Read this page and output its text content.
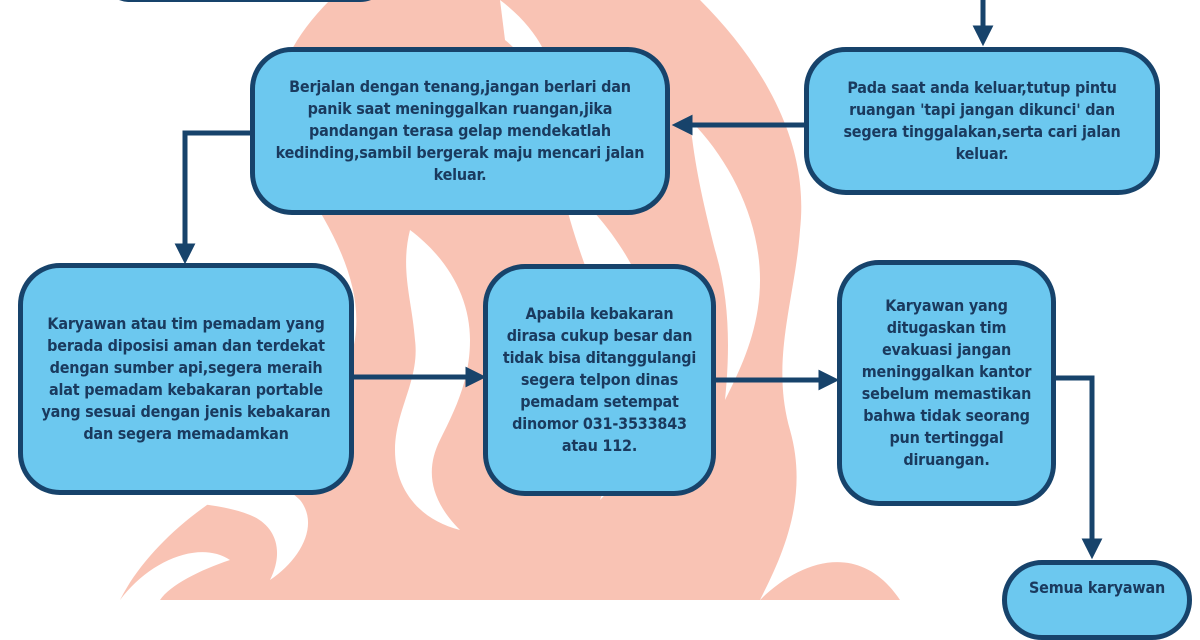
Pada saat anda keluar,tutup pintu ruangan 'tapi jangan dikunci' dan segera tinggalakan,serta cari jalan keluar.
Berjalan dengan tenang,jangan berlari dan panik saat meninggalkan ruangan,jika pandangan terasa gelap mendekatlah kedinding,sambil bergerak maju mencari jalan keluar.
Karyawan atau tim pemadam yang berada diposisi aman dan terdekat dengan sumber api,segera meraih alat pemadam kebakaran portable yang sesuai dengan jenis kebakaran dan segera memadamkan
Apabila kebakaran dirasa cukup besar dan tidak bisa ditanggulangi segera telpon dinas pemadam setempat dinomor 031-3533843 atau 112.
Karyawan yang ditugaskan tim evakuasi jangan meninggalkan kantor sebelum memastikan bahwa tidak seorang pun tertinggal diruangan.
Semua karyawan
